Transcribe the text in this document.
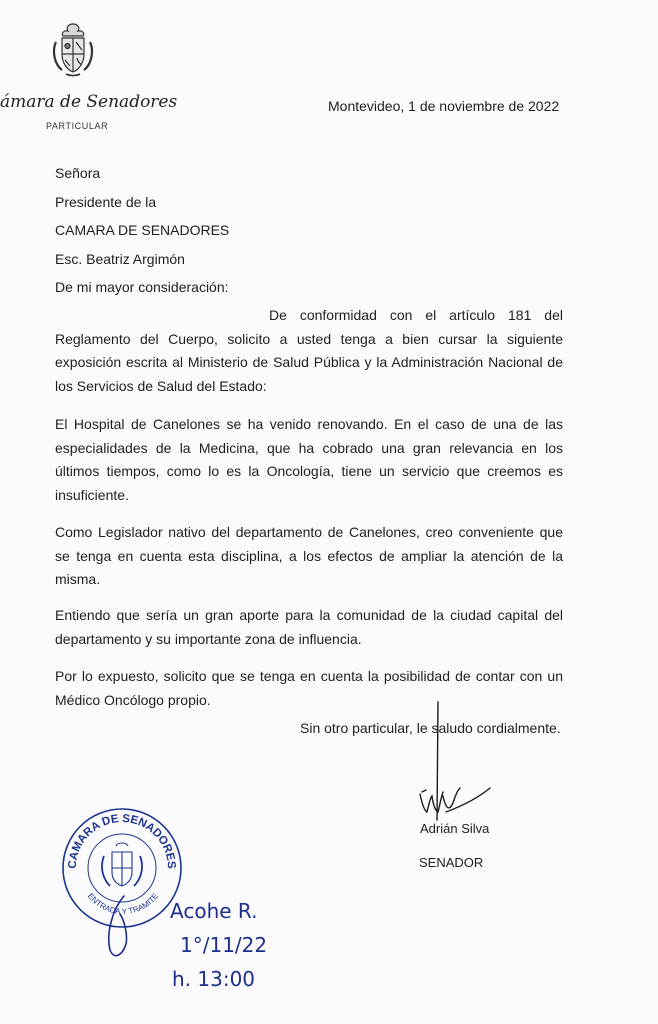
ámara de Senadores
PARTICULAR
Montevideo, 1 de noviembre de 2022
Señora
Presidente de la
CAMARA DE SENADORES
Esc. Beatriz Argimón
De mi mayor consideración:
De conformidad con el artículo 181 del Reglamento del Cuerpo, solicito a usted tenga a bien cursar la siguiente exposición escrita al Ministerio de Salud Pública y la Administración Nacional de los Servicios de Salud del Estado:
El Hospital de Canelones se ha venido renovando. En el caso de una de las especialidades de la Medicina, que ha cobrado una gran relevancia en los últimos tiempos, como lo es la Oncología, tiene un servicio que creemos es insuficiente.
Como Legislador nativo del departamento de Canelones, creo conveniente que se tenga en cuenta esta disciplina, a los efectos de ampliar la atención de la misma.
Entiendo que sería un gran aporte para la comunidad de la ciudad capital del departamento y su importante zona de influencia.
Por lo expuesto, solicito que se tenga en cuenta la posibilidad de contar con un Médico Oncólogo propio.
Sin otro particular, le saludo cordialmente.
Adrián Silva
SENADOR
CAMARA DE SENADORES
ENTRADA Y TRAMITE
Acohe R.
1°/11/22
h. 13:00
